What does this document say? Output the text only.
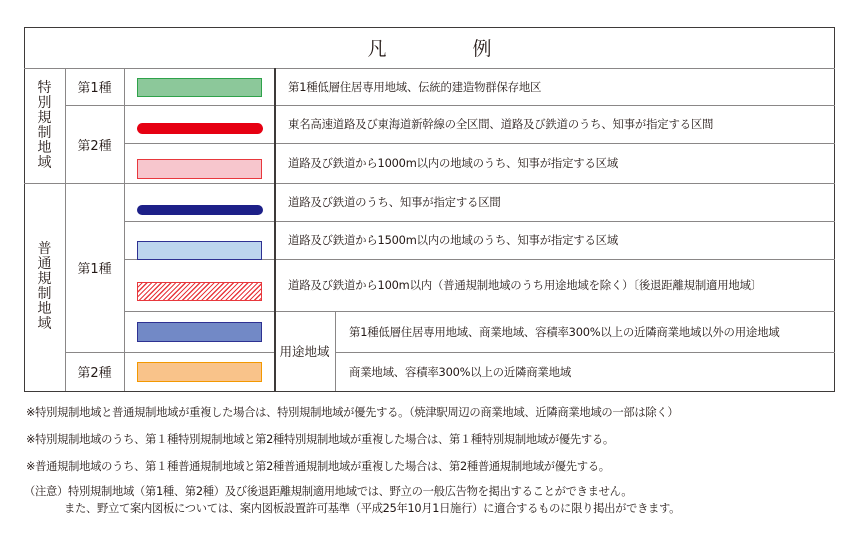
凡	例
特
別
規
制
地
域
普
通
規
制
地
域
第1種
第2種
第1種
第2種
第1種低層住居専用地域、伝統的建造物群保存地区
東名高速道路及び東海道新幹線の全区間、道路及び鉄道のうち、知事が指定する区間
道路及び鉄道から1000m以内の地域のうち、知事が指定する区域
道路及び鉄道のうち、知事が指定する区間
道路及び鉄道から1500m以内の地域のうち、知事が指定する区域
道路及び鉄道から100m以内（普通規制地域のうち用途地域を除く）〔後退距離規制適用地域〕
用途地域
第1種低層住居専用地域、商業地域、容積率300%以上の近隣商業地域以外の用途地域
商業地域、容積率300%以上の近隣商業地域
※特別規制地域と普通規制地域が重複した場合は、特別規制地域が優先する。（焼津駅周辺の商業地域、近隣商業地域の一部は除く）
※特別規制地域のうち、第１種特別規制地域と第2種特別規制地域が重複した場合は、第１種特別規制地域が優先する。
※普通規制地域のうち、第１種普通規制地域と第2種普通規制地域が重複した場合は、第2種普通規制地域が優先する。
（注意）特別規制地域（第1種、第2種）及び後退距離規制適用地域では、野立の一般広告物を掲出することができません。
また、野立て案内図板については、案内図板設置許可基準（平成25年10月1日施行）に適合するものに限り掲出ができます。
